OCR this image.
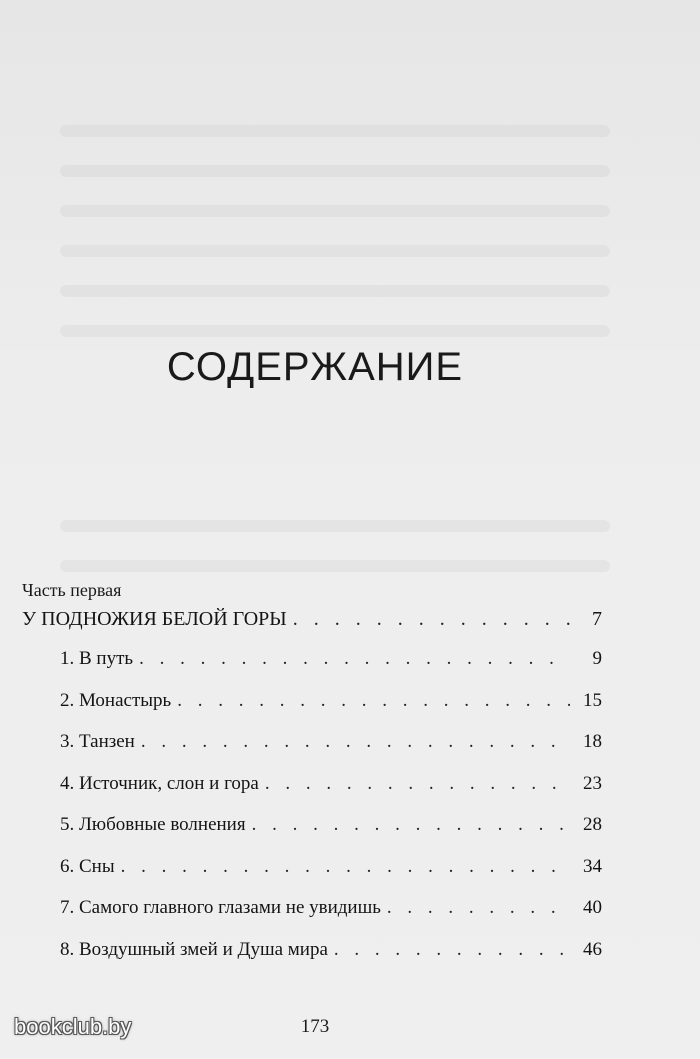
СОДЕРЖАНИЕ
Часть первая
У ПОДНОЖИЯ БЕЛОЙ ГОРЫ . . .	7
1. В путь . . .	9
2. Монастырь . . .	15
3. Танзен . . .	18
4. Источник, слон и гора . . .	23
5. Любовные волнения . . .	28
6. Сны . . .	34
7. Самого главного глазами не увидишь . . .	40
8. Воздушный змей и Душа мира . . .	46
173
bookclub.by
